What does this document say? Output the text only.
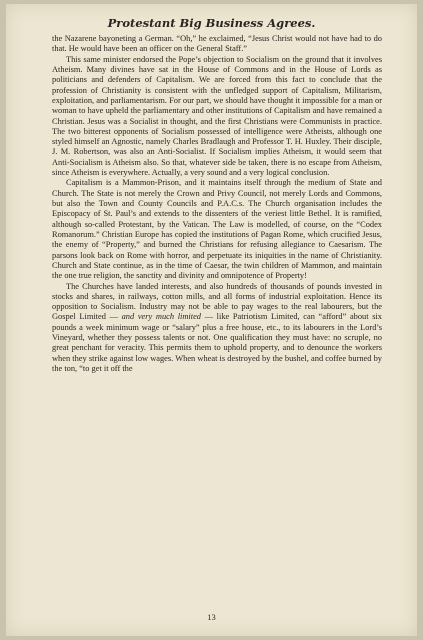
Protestant Big Business Agrees.

the Nazarene bayoneting a German. “Oh,” he exclaimed, “Jesus Christ would not have had to do that. He would have been an officer on the General Staff.”

This same minister endorsed the Pope’s objection to Socialism on the ground that it involves Atheism. Many divines have sat in the House of Commons and in the House of Lords as politicians and defenders of Capitalism. We are forced from this fact to conclude that the profession of Christianity is consistent with the unfledged support of Capitalism, Militarism, exploitation, and parliamentarism. For our part, we should have thought it impossible for a man or woman to have upheld the parliamentary and other institutions of Capitalism and have remained a Christian. Jesus was a Socialist in thought, and the first Christians were Communists in practice. The two bitterest opponents of Socialism possessed of intelligence were Atheists, although one styled himself an Agnostic, namely Charles Bradlaugh and Professor T. H. Huxley. Their disciple, J. M. Robertson, was also an Anti-Socialist. If Socialism implies Atheism, it would seem that Anti-Socialism is Atheism also. So that, whatever side be taken, there is no escape from Atheism, since Atheism is everywhere. Actually, a very sound and a very logical conclusion.

Capitalism is a Mammon-Prison, and it maintains itself through the medium of State and Church. The State is not merely the Crown and Privy Council, not merely Lords and Commons, but also the Town and County Councils and P.A.C.s. The Church organisation includes the Episcopacy of St. Paul’s and extends to the dissenters of the veriest little Bethel. It is ramified, although so-called Protestant, by the Vatican. The Law is modelled, of course, on the “Codex Romanorum.” Christian Europe has copied the institutions of Pagan Rome, which crucified Jesus, the enemy of “Property,” and burned the Christians for refusing allegiance to Caesarism. The parsons look back on Rome with horror, and perpetuate its iniquities in the name of Christianity. Church and State continue, as in the time of Caesar, the twin children of Mammon, and maintain the one true religion, the sanctity and divinity and omnipotence of Property!

The Churches have landed interests, and also hundreds of thousands of pounds invested in stocks and shares, in railways, cotton mills, and all forms of industrial exploitation. Hence its opposition to Socialism. Industry may not be able to pay wages to the real labourers, but the Gospel Limited — and very much limited — like Patriotism Limited, can “afford” about six pounds a week minimum wage or “salary” plus a free house, etc., to its labourers in the Lord’s Vineyard, whether they possess talents or not. One qualification they must have: no scruple, no great penchant for veracity. This permits them to uphold property, and to denounce the workers when they strike against low wages. When wheat is destroyed by the bushel, and coffee burned by the ton, “to get it off the

13
